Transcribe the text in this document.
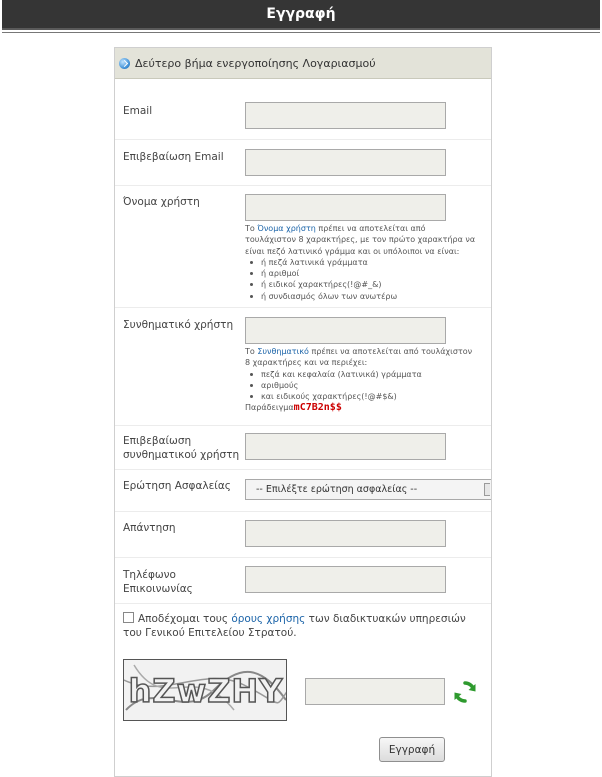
Εγγραφή
Δεύτερο βήμα ενεργοποίησης Λογαριασμού
Email
Επιβεβαίωση Email
Όνομα χρήστη
Το Όνομα χρήστη πρέπει να αποτελείται από τουλάχιστον 8 χαρακτήρες, με τον πρώτο χαρακτήρα να είναι πεζό λατινικό γράμμα και οι υπόλοιποι να είναι:
ή πεζά λατινικά γράμματα
ή αριθμοί
ή ειδικοί χαρακτήρες(!@#_&)
ή συνδιασμός όλων των ανωτέρω
Συνθηματικό χρήστη
Το Συνθηματικό πρέπει να αποτελείται από τουλάχιστον 8 χαρακτήρες και να περιέχει:
πεζά και κεφαλαία (λατινικά) γράμματα
αριθμούς
και ειδικούς χαρακτήρες(!@#$&)
ΠαράδειγμαmC7B2n$$
Επιβεβαίωση
συνθηματικού χρήστη
Ερώτηση Ασφαλείας	-- Επιλέξτε ερώτηση ασφαλείας --
Απάντηση
Τηλέφωνο Επικοινωνίας
Αποδέχομαι τους όρους χρήσης των διαδικτυακών υπηρεσιών του Γενικού Επιτελείου Στρατού.
hZwZHY
Εγγραφή
